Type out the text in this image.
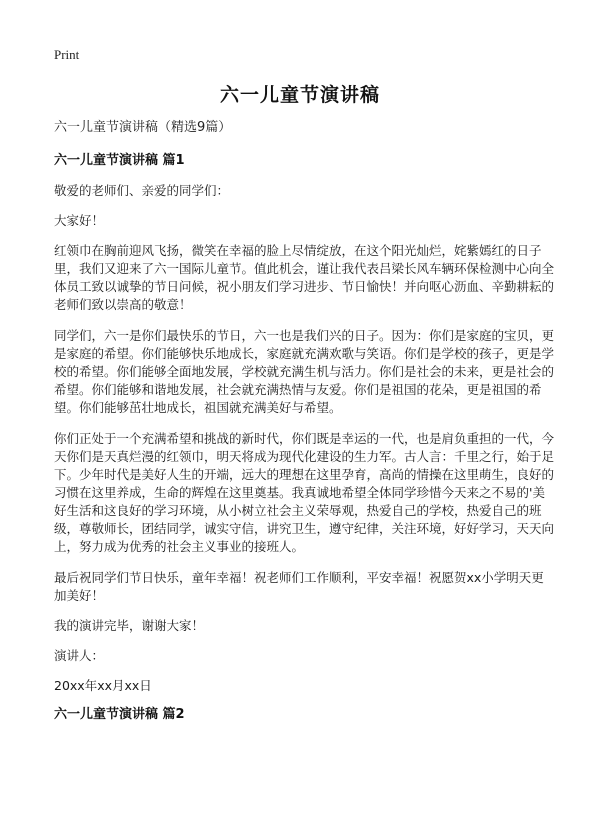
Print
六一儿童节演讲稿
六一儿童节演讲稿（精选9篇）
六一儿童节演讲稿 篇1

敬爱的老师们、亲爱的同学们：

大家好！

红领巾在胸前迎风飞扬，微笑在幸福的脸上尽情绽放，在这个阳光灿烂，姹紫嫣红的日子里，我们又迎来了六一国际儿童节。值此机会，谨让我代表吕梁长风车辆环保检测中心向全体员工致以诚挚的节日问候，祝小朋友们学习进步、节日愉快！并向呕心沥血、辛勤耕耘的老师们致以崇高的敬意！

同学们，六一是你们最快乐的节日，六一也是我们兴的日子。因为：你们是家庭的宝贝，更是家庭的希望。你们能够快乐地成长，家庭就充满欢歌与笑语。你们是学校的孩子，更是学校的希望。你们能够全面地发展，学校就充满生机与活力。你们是社会的未来，更是社会的希望。你们能够和谐地发展，社会就充满热情与友爱。你们是祖国的花朵，更是祖国的希望。你们能够茁壮地成长，祖国就充满美好与希望。

你们正处于一个充满希望和挑战的新时代，你们既是幸运的一代，也是肩负重担的一代，今天你们是天真烂漫的红领巾，明天将成为现代化建设的生力军。古人言：千里之行，始于足下。少年时代是美好人生的开端，远大的理想在这里孕育，高尚的情操在这里萌生，良好的习惯在这里养成，生命的辉煌在这里奠基。我真诚地希望全体同学珍惜今天来之不易的'美好生活和这良好的学习环境，从小树立社会主义荣辱观，热爱自己的学校，热爱自己的班级，尊敬师长，团结同学，诚实守信，讲究卫生，遵守纪律，关注环境，好好学习，天天向上，努力成为优秀的社会主义事业的接班人。

最后祝同学们节日快乐，童年幸福！祝老师们工作顺利，平安幸福！祝愿贺xx小学明天更加美好！

我的演讲完毕，谢谢大家！

演讲人：

20xx年xx月xx日

六一儿童节演讲稿 篇2
